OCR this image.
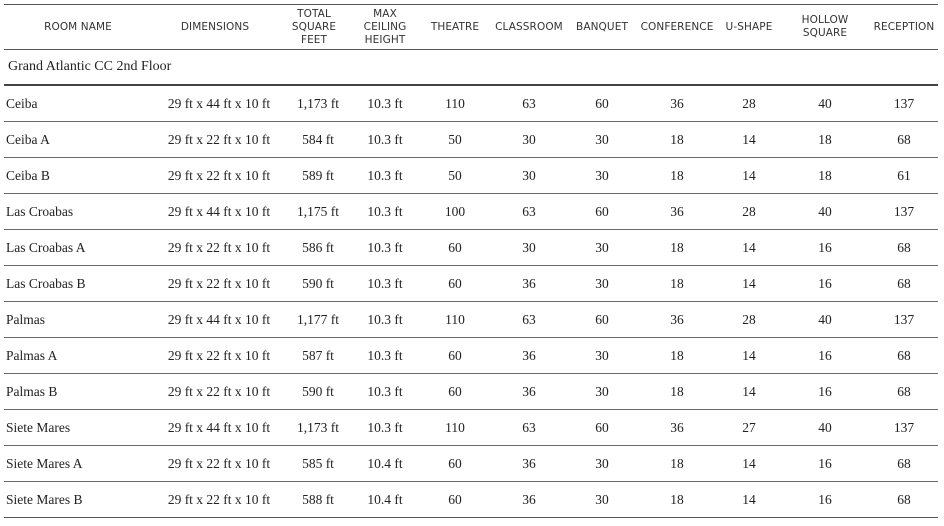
ROOM NAME	DIMENSIONS	TOTAL SQUARE FEET	MAX CEILING HEIGHT	THEATRE	CLASSROOM	BANQUET	CONFERENCE	U-SHAPE	HOLLOW SQUARE	RECEPTION
Grand Atlantic CC 2nd Floor										
Ceiba	29 ft x 44 ft x 10 ft	1,173 ft	10.3 ft	110	63	60	36	28	40	137
Ceiba A	29 ft x 22 ft x 10 ft	584 ft	10.3 ft	50	30	30	18	14	18	68
Ceiba B	29 ft x 22 ft x 10 ft	589 ft	10.3 ft	50	30	30	18	14	18	61
Las Croabas	29 ft x 44 ft x 10 ft	1,175 ft	10.3 ft	100	63	60	36	28	40	137
Las Croabas A	29 ft x 22 ft x 10 ft	586 ft	10.3 ft	60	30	30	18	14	16	68
Las Croabas B	29 ft x 22 ft x 10 ft	590 ft	10.3 ft	60	36	30	18	14	16	68
Palmas	29 ft x 44 ft x 10 ft	1,177 ft	10.3 ft	110	63	60	36	28	40	137
Palmas A	29 ft x 22 ft x 10 ft	587 ft	10.3 ft	60	36	30	18	14	16	68
Palmas B	29 ft x 22 ft x 10 ft	590 ft	10.3 ft	60	36	30	18	14	16	68
Siete Mares	29 ft x 44 ft x 10 ft	1,173 ft	10.3 ft	110	63	60	36	27	40	137
Siete Mares A	29 ft x 22 ft x 10 ft	585 ft	10.4 ft	60	36	30	18	14	16	68
Siete Mares B	29 ft x 22 ft x 10 ft	588 ft	10.4 ft	60	36	30	18	14	16	68
